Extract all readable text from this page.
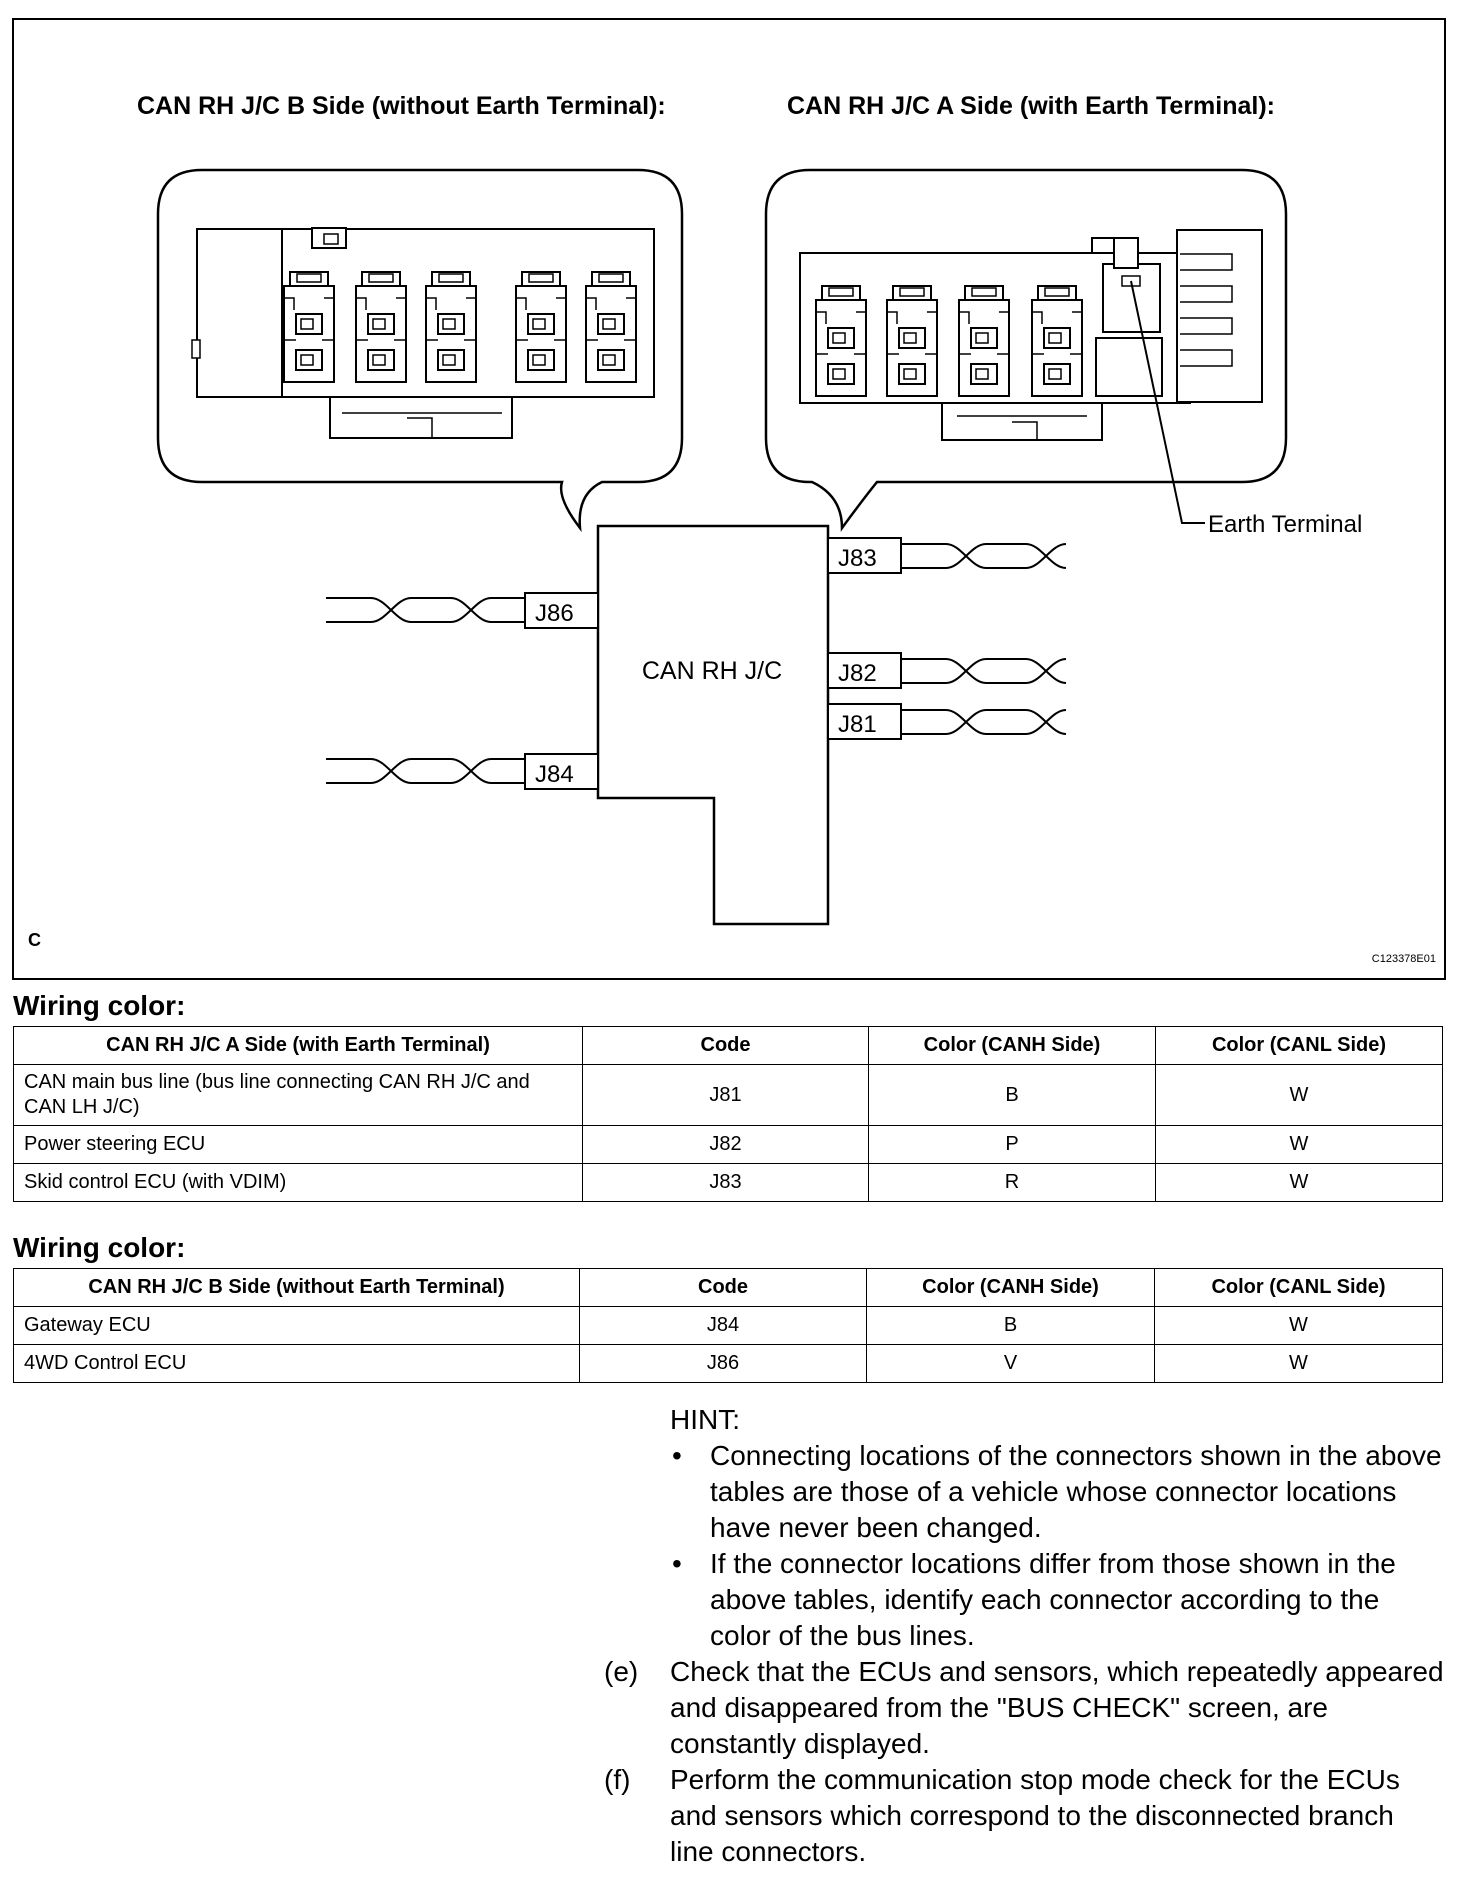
CAN RH J/C B Side (without Earth Terminal):	CAN RH J/C A Side (with Earth Terminal):
Earth Terminal
CAN RH J/C
J83
J82
J81
J86
J84
C
C123378E01
Wiring color:
CAN RH J/C A Side (with Earth Terminal)	Code	Color (CANH Side)	Color (CANL Side)
CAN main bus line (bus line connecting CAN RH J/C and CAN LH J/C)	J81	B	W
Power steering ECU	J82	P	W
Skid control ECU (with VDIM)	J83	R	W
Wiring color:
CAN RH J/C B Side (without Earth Terminal)	Code	Color (CANH Side)	Color (CANL Side)
Gateway ECU	J84	B	W
4WD Control ECU	J86	V	W

HINT:

• Connecting locations of the connectors shown in the above tables are those of a vehicle whose connector locations have never been changed.

• If the connector locations differ from those shown in the above tables, identify each connector according to the color of the bus lines.

(e) Check that the ECUs and sensors, which repeatedly appeared and disappeared from the "BUS CHECK" screen, are constantly displayed.

(f) Perform the communication stop mode check for the ECUs and sensors which correspond to the disconnected branch line connectors.
